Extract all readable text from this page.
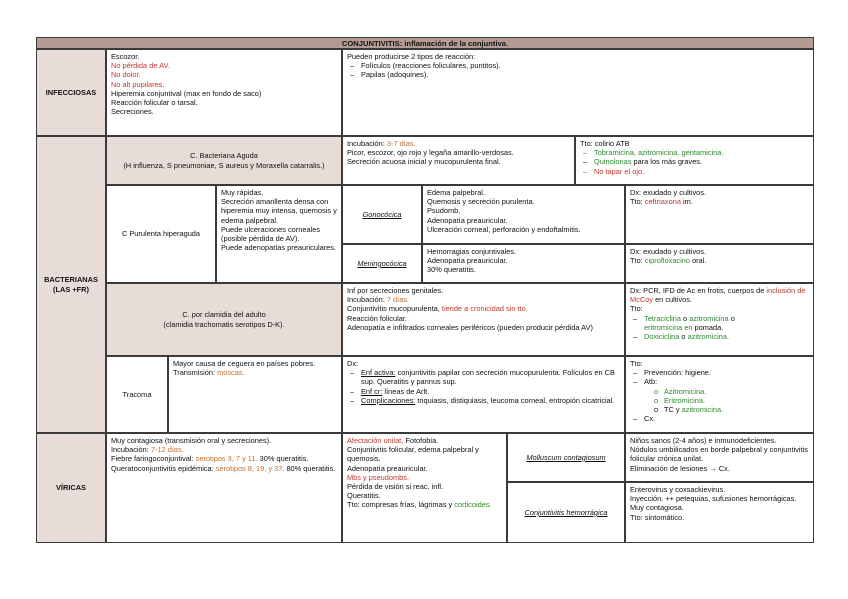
CONJUNTIVITIS: inflamación de la conjuntiva.
INFECCIOSAS
Escozor.
No pérdida de AV.
No dolor.
No alt pupilares.
Hiperemia conjuntival (max en fondo de saco)
Reacción folicular o tarsal.
Secreciones.
Pueden producirse 2 tipos de reacción:
– Folículos (reacciones foliculares, puntitos).
– Papilas (adoquines).
BACTERIANAS
(LAS +FR)
C. Bacteriana Aguda
(H influenza, S pneumoniae, S aureus y Moraxella catarralis.)
Incubación: 3-7 días.
Picor, escozor, ojo rojo y legaña amarillo-verdosas.
Secreción acuosa inicial y mucopurulenta final.
Tto: colirio ATB
– Tobramicina, azitromicina, gentamicina.
– Quinolonas para los más graves.
– No tapar el ojo.
C Purulenta hiperaguda
Muy rápidas.
Secreción amarillenta densa con hiperemia muy intensa, quemosis y edema palpebral.
Puede ulceraciones corneales (posible pérdida de AV).
Puede adenopatías preauriculares.
Gonocócica
Edema palpebral.
Quemosis y secreción purulenta.
Psudomb.
Adenopatía preauricular.
Ulceración corneal, perforación y endoftalmitis.
Dx: exudado y cultivos.
Tto: ceftriaxona im.
Meningocócica
Hemorragias conjuntivales.
Adenopatía preauricular.
30% queratitis.
Dx: exudado y cultivos.
Tto: ciprofloxacino oral.
C. por clamidia del adulto
(clamidia trachomatis serotipos D-K).
Inf por secreciones genitales.
Incubación: 7 días.
Conjuntivitis mucopurulenta, tiende a cronicidad sin tto.
Reacción folicular.
Adenopatía e infiltrados corneales periféricos (pueden producir pérdida AV)
Dx: PCR, IFD de Ac en frotis, cuerpos de inclusión de McCoy en cultivos.
Tto:
– Tetraciclina o azitromicina o
eritromicina en pomada.
– Doxiciclina o azitromicina.
Tracoma
Mayor causa de ceguera en países pobres.
Transmisión: moscas.
Dx:
– Enf activa: conjuntivitis papilar con secreción mucopurulenta. Folículos en CB sup. Queratitis y pannus sup.
– Enf cr: líneas de Arlt.
– Complicaciones: triquiasis, distiquiasis, leucoma corneal, entropión cicatricial.
Tto:
– Prevención: higiene.
– Atb:
o Azitromicina.
o Eritromicina.
o TC y azitromicina.
– Cx.
VÍRICAS
Muy contagiosa (transmisión oral y secreciones).
Incubación: 7-12 días.
Fiebre faringoconjuntival: serotipos 3, 7 y 11. 30% queratitis.
Queratoconjuntivitis epidémica: serotipos 8, 19, y 37. 80% queratitis.
Afectación unilat, Fotofobia.
Conjuntivitis folicular, edema palpebral y quemosis.
Adenopatía preauricular.
Mbs y pseudombs.
Pérdida de visión si reac. infl.
Queratitis.
Tto: compresas frías, lágrimas y corticoides.
Molluscum contagiosum
Niños sanos (2-4 años) e inmunodeficientes.
Nódulos umbilicados en borde palpebral y conjuntivitis folicular crónica unilat.
Eliminación de lesiones → Cx.
Conjuntivitis hemorrágica
Enterovirus y coxsackievirus.
Inyección. ++ petequias, sufusiones hemorrágicas. Muy contagiosa.
Tto: sintomático.
